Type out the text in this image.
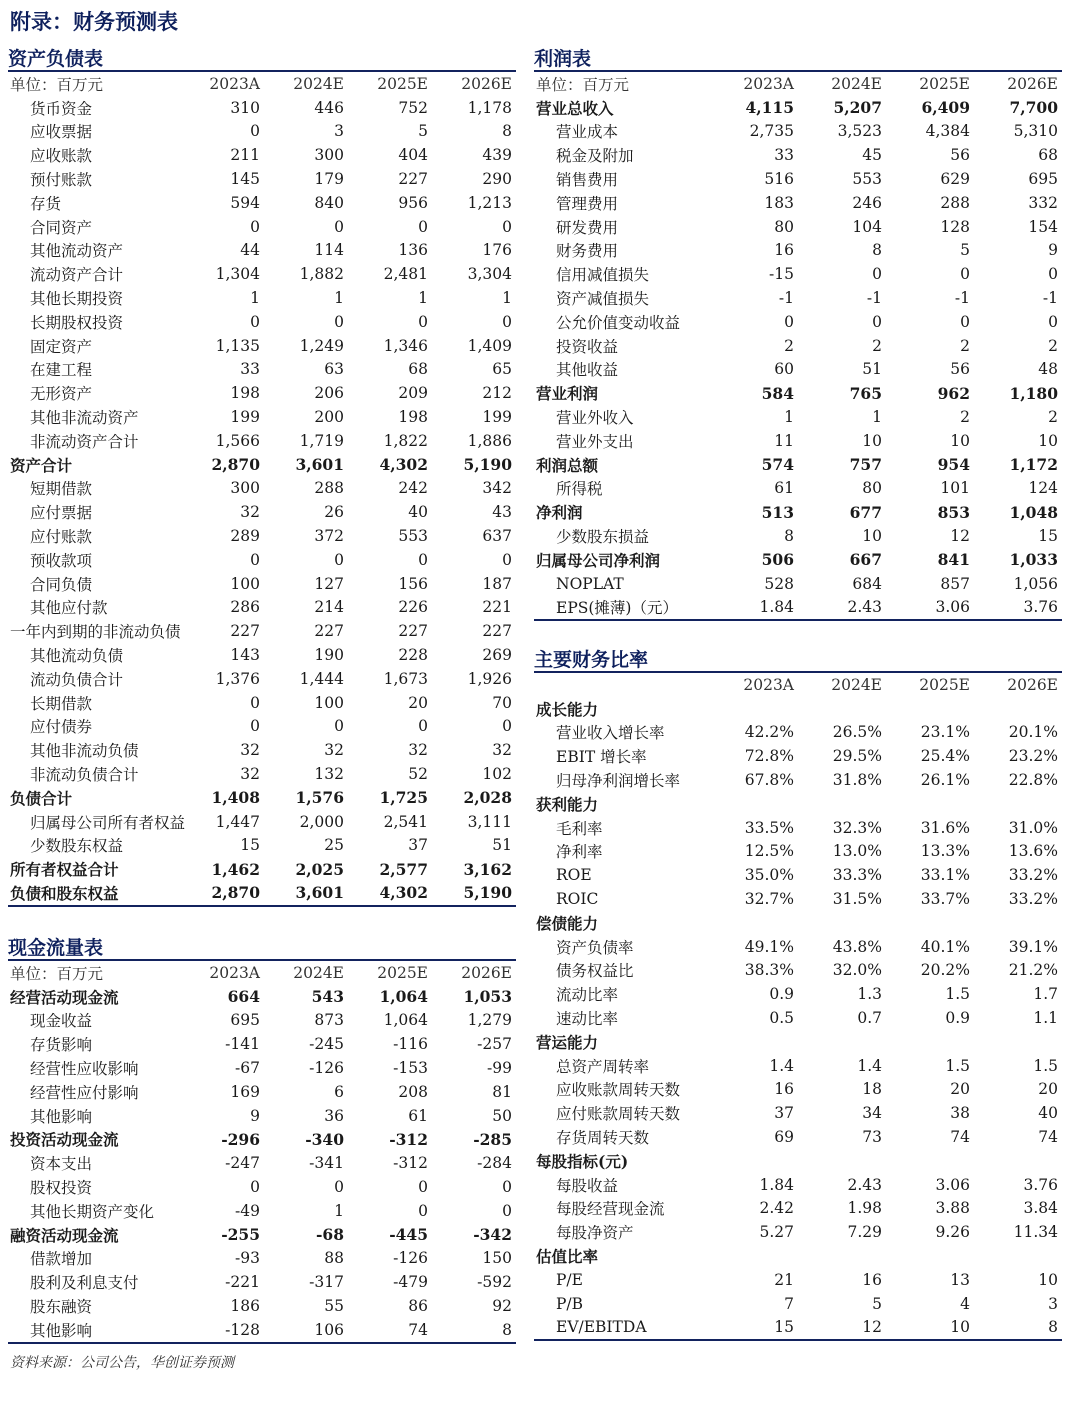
附录：财务预测表
资产负债表
单位：百万元	2023A	2024E	2025E	2026E
货币资金	310	446	752	1,178
应收票据	0	3	5	8
应收账款	211	300	404	439
预付账款	145	179	227	290
存货	594	840	956	1,213
合同资产	0	0	0	0
其他流动资产	44	114	136	176
流动资产合计	1,304	1,882	2,481	3,304
其他长期投资	1	1	1	1
长期股权投资	0	0	0	0
固定资产	1,135	1,249	1,346	1,409
在建工程	33	63	68	65
无形资产	198	206	209	212
其他非流动资产	199	200	198	199
非流动资产合计	1,566	1,719	1,822	1,886
资产合计	2,870	3,601	4,302	5,190
短期借款	300	288	242	342
应付票据	32	26	40	43
应付账款	289	372	553	637
预收款项	0	0	0	0
合同负债	100	127	156	187
其他应付款	286	214	226	221
一年内到期的非流动负债	227	227	227	227
其他流动负债	143	190	228	269
流动负债合计	1,376	1,444	1,673	1,926
长期借款	0	100	20	70
应付债券	0	0	0	0
其他非流动负债	32	32	32	32
非流动负债合计	32	132	52	102
负债合计	1,408	1,576	1,725	2,028
归属母公司所有者权益	1,447	2,000	2,541	3,111
少数股东权益	15	25	37	51
所有者权益合计	1,462	2,025	2,577	3,162
负债和股东权益	2,870	3,601	4,302	5,190
利润表
单位：百万元	2023A	2024E	2025E	2026E
营业总收入	4,115	5,207	6,409	7,700
营业成本	2,735	3,523	4,384	5,310
税金及附加	33	45	56	68
销售费用	516	553	629	695
管理费用	183	246	288	332
研发费用	80	104	128	154
财务费用	16	8	5	9
信用减值损失	-15	0	0	0
资产减值损失	-1	-1	-1	-1
公允价值变动收益	0	0	0	0
投资收益	2	2	2	2
其他收益	60	51	56	48
营业利润	584	765	962	1,180
营业外收入	1	1	2	2
营业外支出	11	10	10	10
利润总额	574	757	954	1,172
所得税	61	80	101	124
净利润	513	677	853	1,048
少数股东损益	8	10	12	15
归属母公司净利润	506	667	841	1,033
NOPLAT	528	684	857	1,056
EPS(摊薄)（元）	1.84	2.43	3.06	3.76
主要财务比率
	2023A	2024E	2025E	2026E
成长能力				
营业收入增长率	42.2%	26.5%	23.1%	20.1%
EBIT 增长率	72.8%	29.5%	25.4%	23.2%
归母净利润增长率	67.8%	31.8%	26.1%	22.8%
获利能力				
毛利率	33.5%	32.3%	31.6%	31.0%
净利率	12.5%	13.0%	13.3%	13.6%
ROE	35.0%	33.3%	33.1%	33.2%
ROIC	32.7%	31.5%	33.7%	33.2%
偿债能力				
资产负债率	49.1%	43.8%	40.1%	39.1%
债务权益比	38.3%	32.0%	20.2%	21.2%
流动比率	0.9	1.3	1.5	1.7
速动比率	0.5	0.7	0.9	1.1
营运能力				
总资产周转率	1.4	1.4	1.5	1.5
应收账款周转天数	16	18	20	20
应付账款周转天数	37	34	38	40
存货周转天数	69	73	74	74
每股指标(元)				
每股收益	1.84	2.43	3.06	3.76
每股经营现金流	2.42	1.98	3.88	3.84
每股净资产	5.27	7.29	9.26	11.34
估值比率				
P/E	21	16	13	10
P/B	7	5	4	3
EV/EBITDA	15	12	10	8
现金流量表
单位：百万元	2023A	2024E	2025E	2026E
经营活动现金流	664	543	1,064	1,053
现金收益	695	873	1,064	1,279
存货影响	-141	-245	-116	-257
经营性应收影响	-67	-126	-153	-99
经营性应付影响	169	6	208	81
其他影响	9	36	61	50
投资活动现金流	-296	-340	-312	-285
资本支出	-247	-341	-312	-284
股权投资	0	0	0	0
其他长期资产变化	-49	1	0	0
融资活动现金流	-255	-68	-445	-342
借款增加	-93	88	-126	150
股利及利息支付	-221	-317	-479	-592
股东融资	186	55	86	92
其他影响	-128	106	74	8
资料来源：公司公告，华创证券预测
